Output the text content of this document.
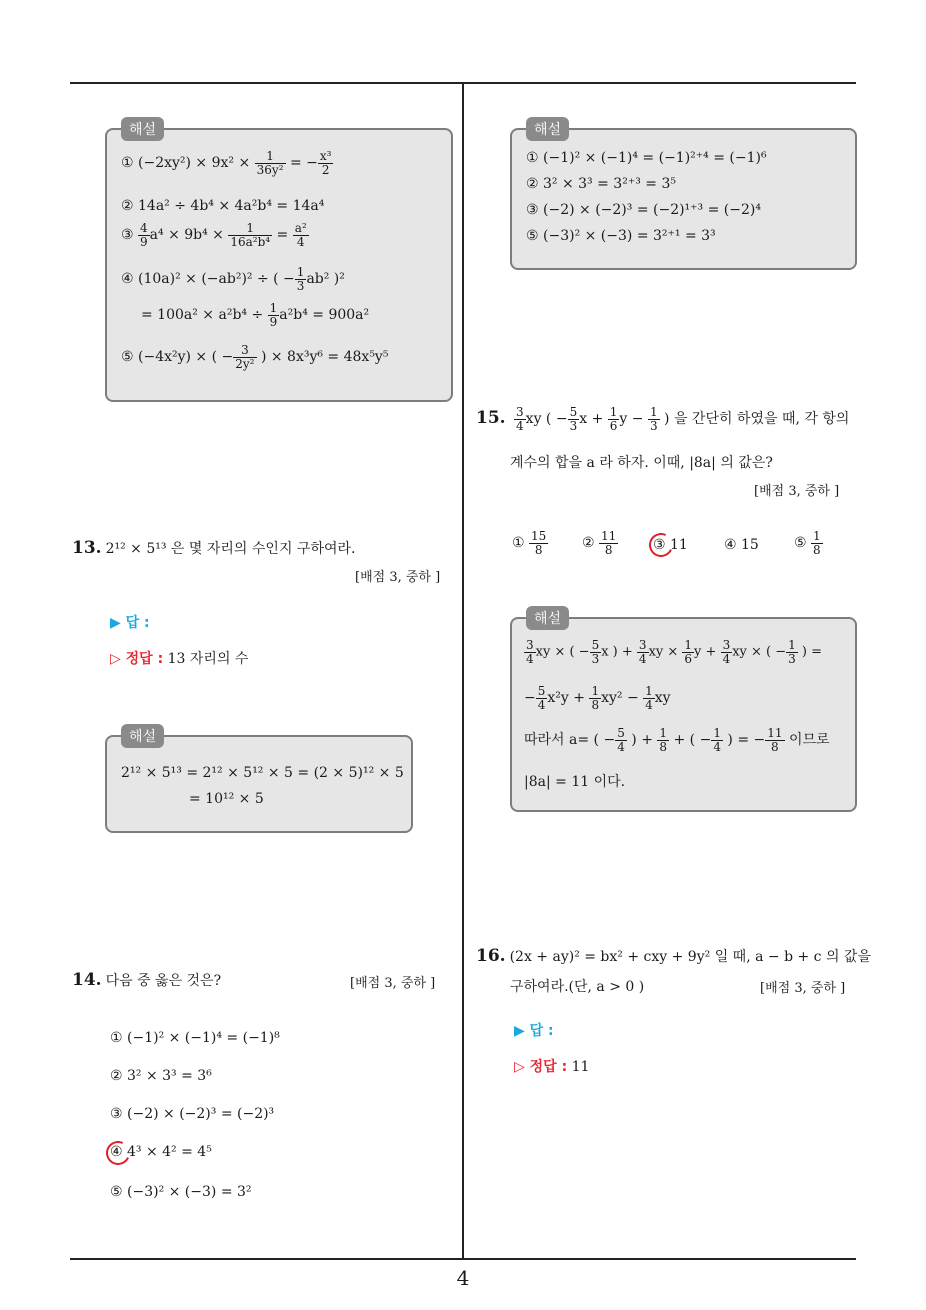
4
해설
① $(-2xy^2) \times 9x^2 \times \frac{1}{\text{36y²}}$ = − $\frac{\text{x³}}{2}$
② 14a² ÷ 4b⁴ × 4a²b⁴ = 14a⁴
③ $\frac{4}{9} a^4 \times 9b^4 \times \frac{1}{\text{16a²b⁴}} = \frac{\text{a²}}{4}$
④ (10a)² × (−ab²)² ÷ ( − $\frac{1}{3} ab^2$ )²
= $100a^2 \times a^2b^4 \div \frac{1}{9} a^2b^4 = 900a^2$
⑤ (−4x²y) × ( − $\frac{3}{\text{2y²}}$ ) × 8x³y⁶ = 48x⁵y⁵
13. 2¹² × 5¹³ 은 몇 자리의 수인지 구하여라.
[배점 3, 중하 ]
▶ 답 :
▷ 정답 : 13 자리의 수
해설
2¹² × 5¹³ = 2¹² × 5¹² × 5 = (2 × 5)¹² × 5
= 10¹² × 5
14. 다음 중 옳은 것은?	[배점 3, 중하 ]
① (−1)² × (−1)⁴ = (−1)⁸
② 3² × 3³ = 3⁶
③ (−2) × (−2)³ = (−2)³
④ 4³ × 4² = 4⁵
⑤ (−3)² × (−3) = 3²
해설
① (−1)² × (−1)⁴ = (−1)²⁺⁴ = (−1)⁶
② 3² × 3³ = 3²⁺³ = 3⁵
③ (−2) × (−2)³ = (−2)¹⁺³ = (−2)⁴
⑤ (−3)² × (−3) = 3²⁺¹ = 3³
15. $\frac{3}{4}$ xy ( − $\frac{5}{3}$ $x + \frac{1}{6}$ $y - \frac{1}{3}$ ) 을 간단히 하였을 때, 각 항의
계수의 합을 a 라 하자. 이때, |8a| 의 값은?
[배점 3, 중하 ]
① $\frac{15}{8}$ ② $\frac{11}{8}$ ③ 11	④ 15	⑤ $\frac{1}{8}$
해설
$\frac{3}{4}$ xy × ( − $\frac{5}{3}$ x ) + $\frac{3}{4}$ xy × $\frac{1}{6}$ $y + \frac{3}{4}$ xy × ( − $\frac{1}{3}$ ) =
− $\frac{5}{4} x^2y + \frac{1}{8} xy^2 - \frac{1}{4}$ xy
따라서 a= ( − $\frac{5}{4}$ ) + $\frac{1}{8}$ + ( − $\frac{1}{4}$ ) = − $\frac{11}{8}$ 이므로
|8a| = 11 이다.
16. (2x + ay)² = bx² + cxy + 9y² 일 때, a − b + c 의 값을
구하여라.(단, a > 0 )	[배점 3, 중하 ]
▶ 답 :
▷ 정답 : 11
